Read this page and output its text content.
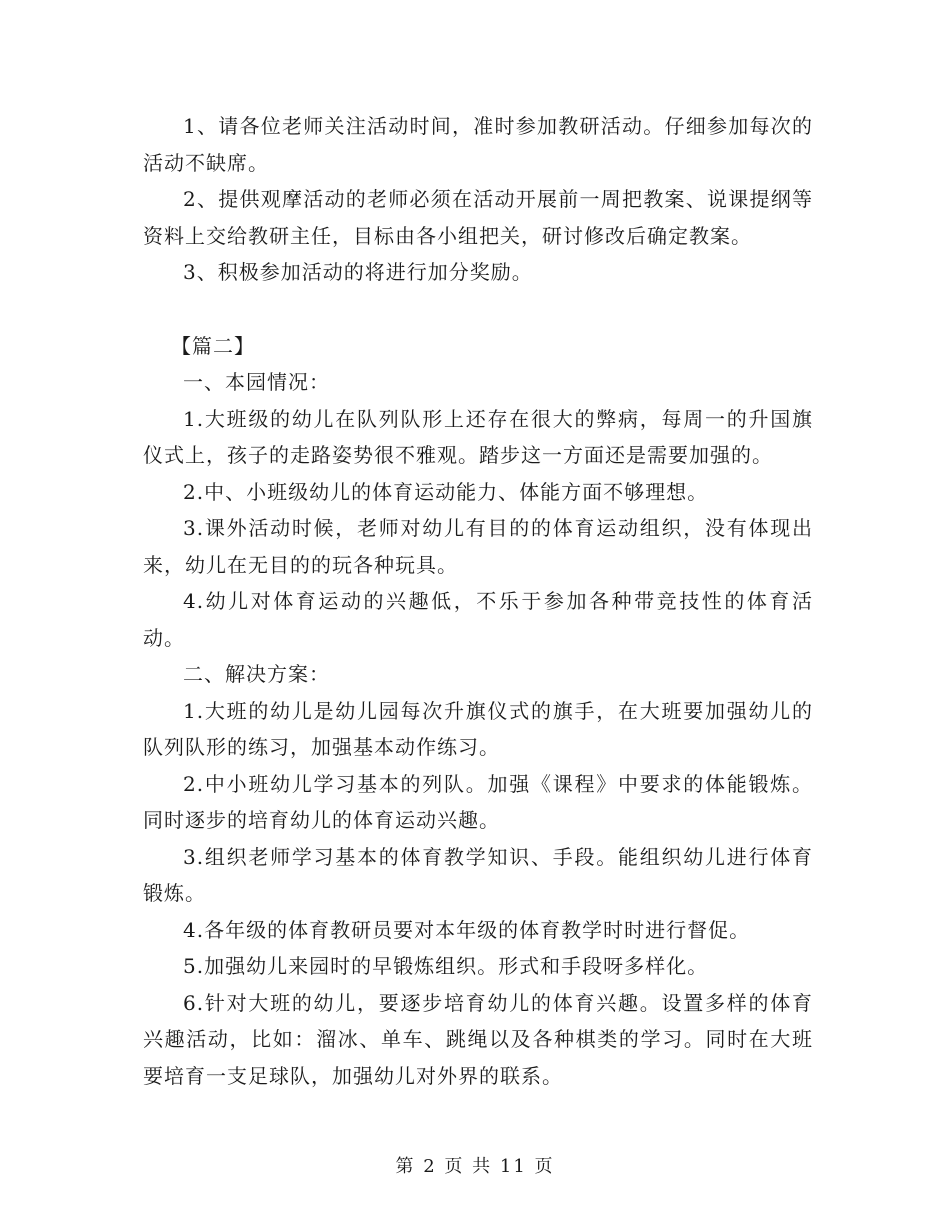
1、请各位老师关注活动时间，准时参加教研活动。仔细参加每次的活动不缺席。

2、提供观摩活动的老师必须在活动开展前一周把教案、说课提纲等资料上交给教研主任，目标由各小组把关，研讨修改后确定教案。

3、积极参加活动的将进行加分奖励。

【篇二】

一、本园情况：

1.大班级的幼儿在队列队形上还存在很大的弊病，每周一的升国旗仪式上，孩子的走路姿势很不雅观。踏步这一方面还是需要加强的。

2.中、小班级幼儿的体育运动能力、体能方面不够理想。

3.课外活动时候，老师对幼儿有目的的体育运动组织，没有体现出来，幼儿在无目的的玩各种玩具。

4.幼儿对体育运动的兴趣低，不乐于参加各种带竞技性的体育活动。

二、解决方案：

1.大班的幼儿是幼儿园每次升旗仪式的旗手，在大班要加强幼儿的队列队形的练习，加强基本动作练习。

2.中小班幼儿学习基本的列队。加强《课程》中要求的体能锻炼。同时逐步的培育幼儿的体育运动兴趣。

3.组织老师学习基本的体育教学知识、手段。能组织幼儿进行体育锻炼。

4.各年级的体育教研员要对本年级的体育教学时时进行督促。

5.加强幼儿来园时的早锻炼组织。形式和手段呀多样化。

6.针对大班的幼儿，要逐步培育幼儿的体育兴趣。设置多样的体育兴趣活动，比如：溜冰、单车、跳绳以及各种棋类的学习。同时在大班要培育一支足球队，加强幼儿对外界的联系。

第 2 页 共 11 页
